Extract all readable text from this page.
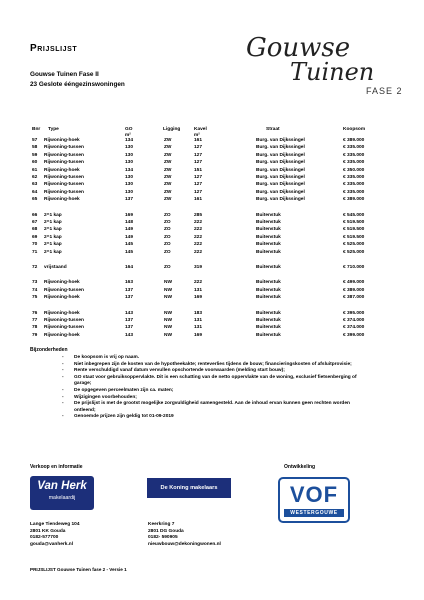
Prijslijst
Gouwse Tuinen Fase II
23 Geslote ééngezinswoningen
Gouwse
Tuinen
FASE 2
Bnr Type	GO
m²
Ligging	Kavel
m²
Straat	Koopsom
57 Rijwoning-hoek	134	ZW	161	Burg. van Dijkssingel	€ 389.000
58 Rijwoning-tussen	130	ZW	127	Burg. van Dijkssingel	€ 335.000
59 Rijwoning-tussen	130	ZW	127	Burg. van Dijkssingel	€ 335.000
60 Rijwoning-tussen	130	ZW	127	Burg. van Dijkssingel	€ 335.000
61 Rijwoning-hoek	134	ZW	151	Burg. van Dijkssingel	€ 350.000
62 Rijwoning-tussen	130	ZW	127	Burg. van Dijkssingel	€ 335.000
63 Rijwoning-tussen	130	ZW	127	Burg. van Dijkssingel	€ 335.000
64 Rijwoning-tussen	130	ZW	127	Burg. van Dijkssingel	€ 335.000
65 Rijwoning-hoek	137	ZW	161	Burg. van Dijkssingel	€ 389.000
66 2^1 kap	169	ZO	285	Buitenstuk	€ 545.000
67 2^1 kap	148	ZO	222	Buitenstuk	€ 519.500
68 2^1 kap	149	ZO	222	Buitenstuk	€ 519.500
69 2^1 kap	149	ZO	222	Buitenstuk	€ 519.500
70 2^1 kap	145	ZO	222	Buitenstuk	€ 525.000
71 2^1 kap	145	ZO	222	Buitenstuk	€ 525.000
72 vrijstaand	164	ZO	319	Buitenstuk	€ 710.000
73 Rijwoning-hoek	163	NW	222	Buitenstuk	€ 499.000
74 Rijwoning-tussen	137	NW	131	Buitenstuk	€ 389.000
75 Rijwoning-hoek	137	NW	169	Buitenstuk	€ 387.000
76 Rijwoning-hoek	143	NW	183	Buitenstuk	€ 395.000
77 Rijwoning-tussen	137	NW	131	Buitenstuk	€ 374.000
78 Rijwoning-tussen	137	NW	131	Buitenstuk	€ 374.000
79 Rijwoning-hoek	143	NW	169	Buitenstuk	€ 399.000
Bijzonderheden
- De koopsom is vrij op naam.
- Niet inbegrepen zijn de kosten van de hypotheekakte; renteverlies tijdens de bouw; financieringskosten of afsluitprovisie;
- Rente verschuldigd vanaf datum vervullen opschortende voorwaarden (melding start bouw);
- GO staat voor gebruiksoppervlakte. Dit is een schatting van de netto oppervlakte van de woning, exclusief fietsenberging of garage;
- De opgegeven perceelmaten zijn ca. maten;
- Wijzigingen voorbehouden;
- De prijslijst is met de grootst mogelijke zorgvuldigheid samengesteld. Aan de inhoud ervan kunnen geen rechten worden ontleend;
- Genoemde prijzen zijn geldig tot 01-09-2019
Verkoop en informatie	Ontwikkeling
Van Herk
makelaardij
De Koning makelaars	VOF
WESTERGOUWE
Lange Tiendeweg 104
2801 KK Gouda
0182-577700
gouda@vanherk.nl
Keerkring 7
2801 DG Gouda
0182- 590905
nieuwbouw@dekoningwonen.nl
PRIJSLIJST Gouwse Tuinen fase 2 - Versie 1
